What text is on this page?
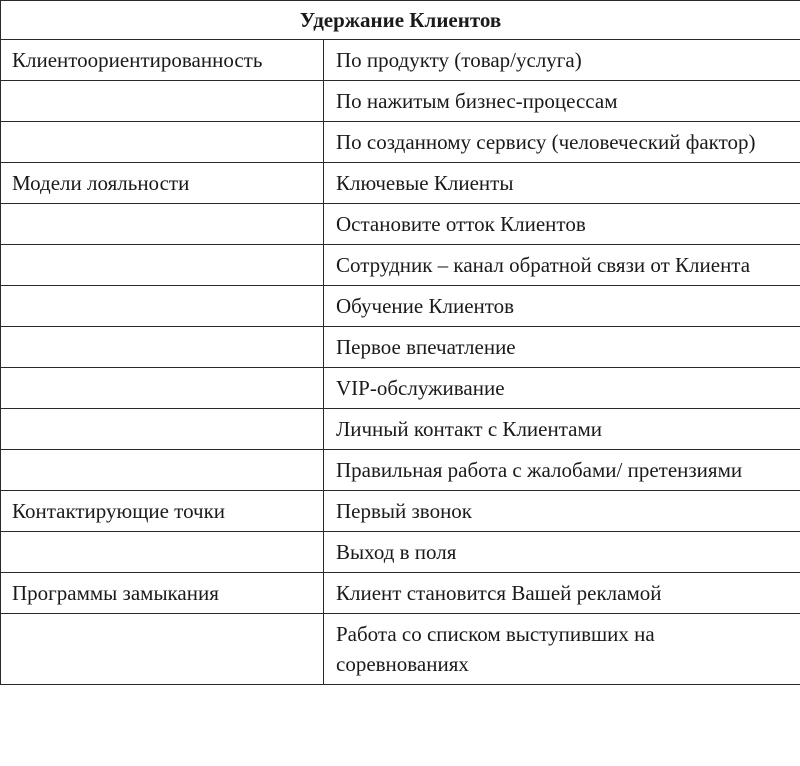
Удержание Клиентов	
Клиентоориентированность	По продукту (товар/услуга)
	По нажитым бизнес-процессам
	По созданному сервису (человеческий фактор)
Модели лояльности	Ключевые Клиенты
	Остановите отток Клиентов
	Сотрудник – канал обратной связи от Клиента
	Обучение Клиентов
	Первое впечатление
	VIP-обслуживание
	Личный контакт с Клиентами
	Правильная работа с жалобами/ претензиями
Контактирующие точки	Первый звонок
	Выход в поля
Программы замыкания	Клиент становится Вашей рекламой
	Работа со списком выступивших на соревнованиях
